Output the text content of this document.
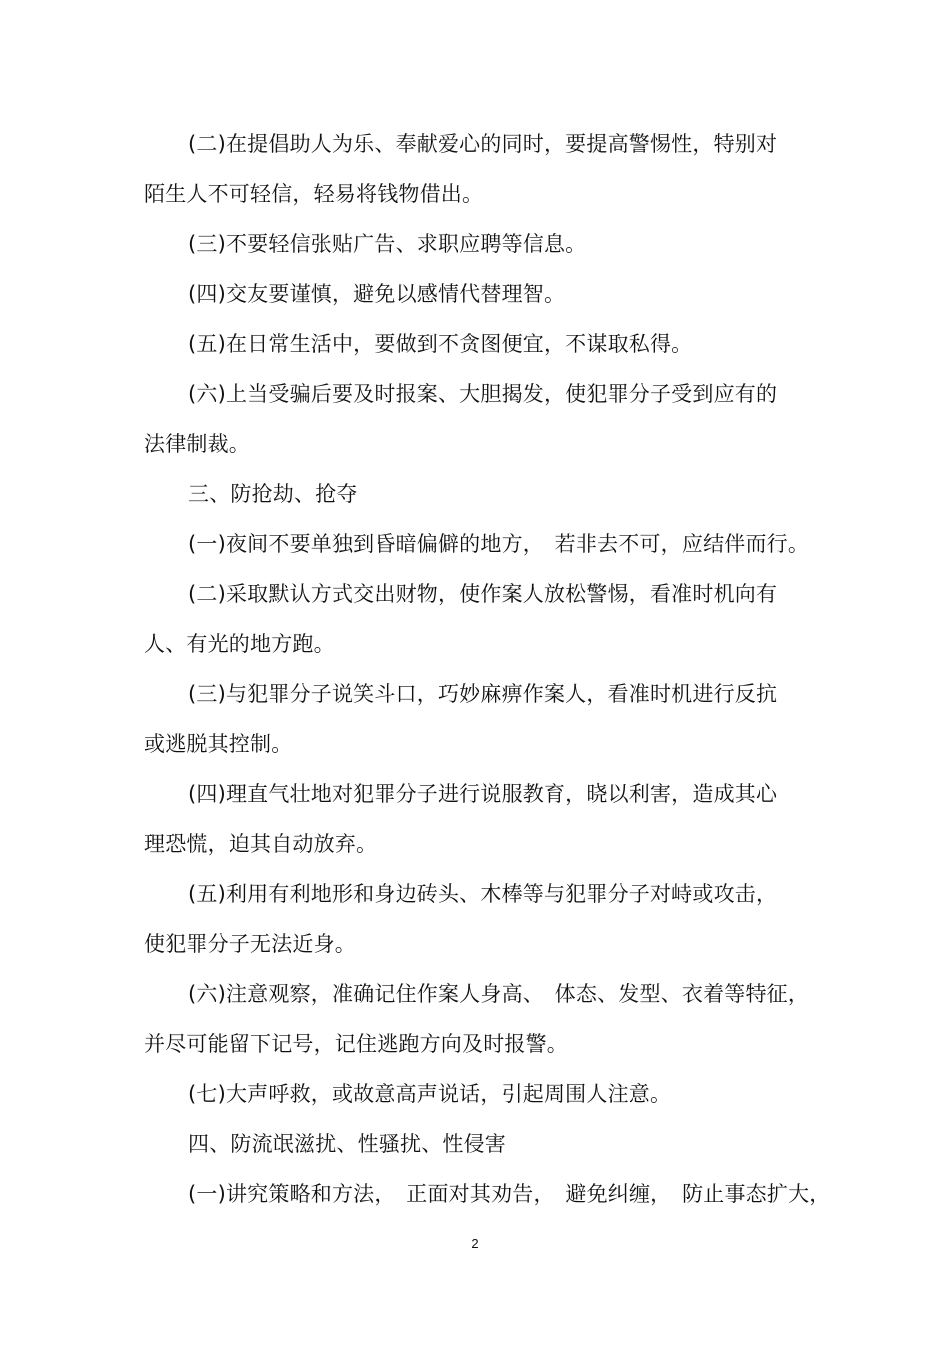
(二)在提倡助人为乐、奉献爱心的同时，要提高警惕性，特别对
陌生人不可轻信，轻易将钱物借出。
(三)不要轻信张贴广告、求职应聘等信息。
(四)交友要谨慎，避免以感情代替理智。
(五)在日常生活中，要做到不贪图便宜，不谋取私得。
(六)上当受骗后要及时报案、大胆揭发，使犯罪分子受到应有的
法律制裁。
三、防抢劫、抢夺
(一)夜间不要单独到昏暗偏僻的地方，　若非去不可，应结伴而行。
(二)采取默认方式交出财物，使作案人放松警惕，看准时机向有
人、有光的地方跑。
(三)与犯罪分子说笑斗口，巧妙麻痹作案人，看准时机进行反抗
或逃脱其控制。
(四)理直气壮地对犯罪分子进行说服教育，晓以利害，造成其心
理恐慌，迫其自动放弃。
(五)利用有利地形和身边砖头、木棒等与犯罪分子对峙或攻击，
使犯罪分子无法近身。
(六)注意观察，准确记住作案人身高、　体态、发型、衣着等特征，
并尽可能留下记号，记住逃跑方向及时报警。
(七)大声呼救，或故意高声说话，引起周围人注意。
四、防流氓滋扰、性骚扰、性侵害
(一)讲究策略和方法，　正面对其劝告，　避免纠缠，　防止事态扩大，
2
